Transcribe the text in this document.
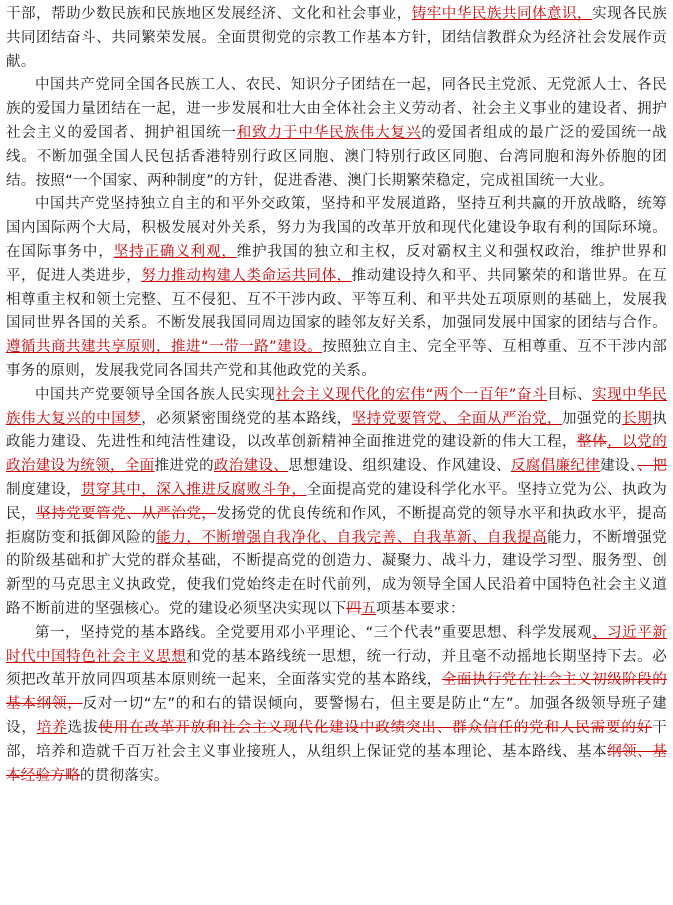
干部，帮助少数民族和民族地区发展经济、文化和社会事业，铸牢中华民族共同体意识，实现各民族共同团结奋斗、共同繁荣发展。全面贯彻党的宗教工作基本方针，团结信教群众为经济社会发展作贡献。

中国共产党同全国各民族工人、农民、知识分子团结在一起，同各民主党派、无党派人士、各民族的爱国力量团结在一起，进一步发展和壮大由全体社会主义劳动者、社会主义事业的建设者、拥护社会主义的爱国者、拥护祖国统一和致力于中华民族伟大复兴的爱国者组成的最广泛的爱国统一战线。不断加强全国人民包括香港特别行政区同胞、澳门特别行政区同胞、台湾同胞和海外侨胞的团结。按照“一个国家、两种制度”的方针，促进香港、澳门长期繁荣稳定，完成祖国统一大业。

中国共产党坚持独立自主的和平外交政策，坚持和平发展道路，坚持互利共赢的开放战略，统筹国内国际两个大局，积极发展对外关系，努力为我国的改革开放和现代化建设争取有利的国际环境。在国际事务中，坚持正确义利观，维护我国的独立和主权，反对霸权主义和强权政治，维护世界和平，促进人类进步，努力推动构建人类命运共同体，推动建设持久和平、共同繁荣的和谐世界。在互相尊重主权和领土完整、互不侵犯、互不干涉内政、平等互利、和平共处五项原则的基础上，发展我国同世界各国的关系。不断发展我国同周边国家的睦邻友好关系，加强同发展中国家的团结与合作。遵循共商共建共享原则，推进“一带一路”建设。按照独立自主、完全平等、互相尊重、互不干涉内部事务的原则，发展我党同各国共产党和其他政党的关系。

中国共产党要领导全国各族人民实现社会主义现代化的宏伟“两个一百年”奋斗目标、实现中华民族伟大复兴的中国梦，必须紧密围绕党的基本路线，坚持党要管党、全面从严治党，加强党的长期执政能力建设、先进性和纯洁性建设，以改革创新精神全面推进党的建设新的伟大工程，整体，以党的政治建设为统领，全面推进党的政治建设、思想建设、组织建设、作风建设、反腐倡廉纪律建设、、把制度建设，贯穿其中，深入推进反腐败斗争，全面提高党的建设科学化水平。坚持立党为公、执政为民，坚持党要管党、从严治党，发扬党的优良传统和作风，不断提高党的领导水平和执政水平，提高拒腐防变和抵御风险的能力，不断增强自我净化、自我完善、自我革新、自我提高能力，不断增强党的阶级基础和扩大党的群众基础，不断提高党的创造力、凝聚力、战斗力，建设学习型、服务型、创新型的马克思主义执政党，使我们党始终走在时代前列，成为领导全国人民沿着中国特色社会主义道路不断前进的坚强核心。党的建设必须坚决实现以下四五项基本要求：

第一，坚持党的基本路线。全党要用邓小平理论、“三个代表”重要思想、科学发展观、习近平新时代中国特色社会主义思想和党的基本路线统一思想，统一行动，并且毫不动摇地长期坚持下去。必须把改革开放同四项基本原则统一起来，全面落实党的基本路线，全面执行党在社会主义初级阶段的基本纲领，反对一切“左”的和右的错误倾向，要警惕右，但主要是防止“左”。加强各级领导班子建设，培养选拔使用在改革开放和社会主义现代化建设中政绩突出、群众信任的党和人民需要的好干部，培养和造就千百万社会主义事业接班人，从组织上保证党的基本理论、基本路线、基本纲领、基本经验方略的贯彻落实。
